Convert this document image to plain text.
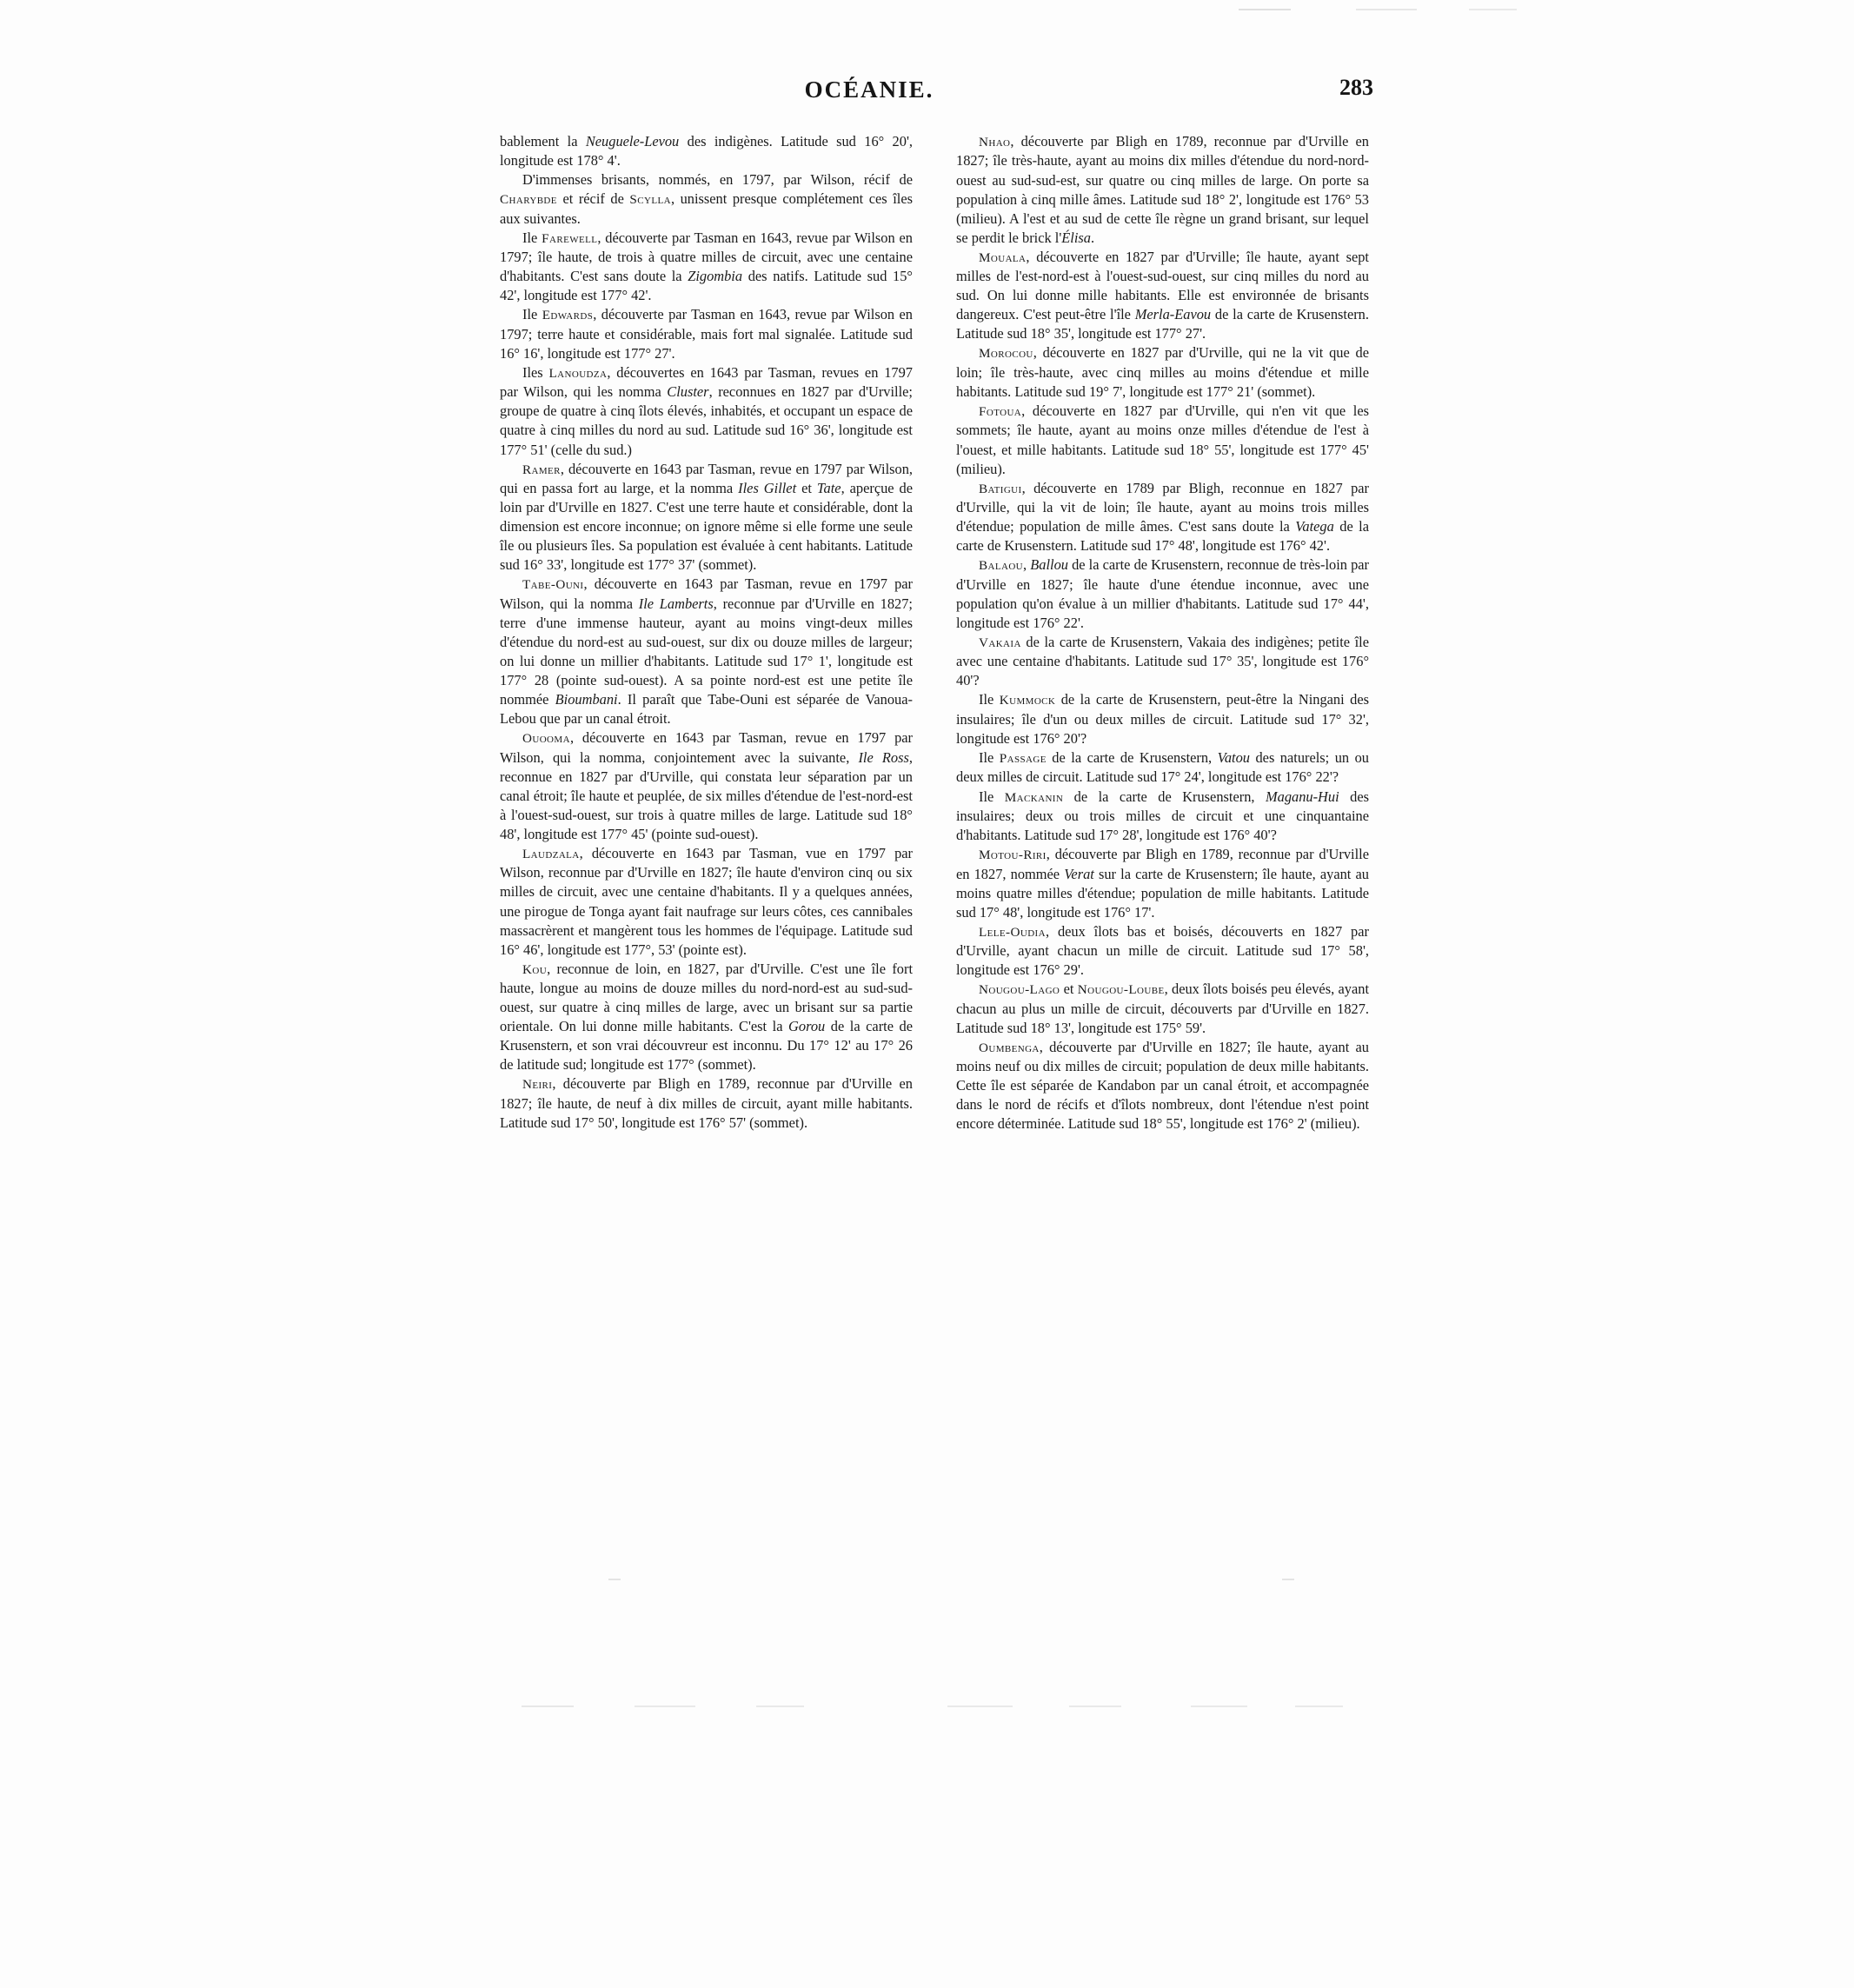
OCÉANIE.	283

bablement la Neuguele-Levou des indigènes. Latitude sud 16° 20', longitude est 178° 4'.

D'immenses brisants, nommés, en 1797, par Wilson, récif de Charybde et récif de Scylla, unissent presque complétement ces îles aux suivantes.

Ile Farewell, découverte par Tasman en 1643, revue par Wilson en 1797; île haute, de trois à quatre milles de circuit, avec une centaine d'habitants. C'est sans doute la Zigombia des natifs. Latitude sud 15° 42', longitude est 177° 42'.

Ile Edwards, découverte par Tasman en 1643, revue par Wilson en 1797; terre haute et considérable, mais fort mal signalée. Latitude sud 16° 16', longitude est 177° 27'.

Iles Lanoudza, découvertes en 1643 par Tasman, revues en 1797 par Wilson, qui les nomma Cluster, reconnues en 1827 par d'Urville; groupe de quatre à cinq îlots élevés, inhabités, et occupant un espace de quatre à cinq milles du nord au sud. Latitude sud 16° 36', longitude est 177° 51' (celle du sud.)

Ramer, découverte en 1643 par Tasman, revue en 1797 par Wilson, qui en passa fort au large, et la nomma Iles Gillet et Tate, aperçue de loin par d'Urville en 1827. C'est une terre haute et considérable, dont la dimension est encore inconnue; on ignore même si elle forme une seule île ou plusieurs îles. Sa population est évaluée à cent habitants. Latitude sud 16° 33', longitude est 177° 37' (sommet).

Tabe-Ouni, découverte en 1643 par Tasman, revue en 1797 par Wilson, qui la nomma Ile Lamberts, reconnue par d'Urville en 1827; terre d'une immense hauteur, ayant au moins vingt-deux milles d'étendue du nord-est au sud-ouest, sur dix ou douze milles de largeur; on lui donne un millier d'habitants. Latitude sud 17° 1', longitude est 177° 28 (pointe sud-ouest). A sa pointe nord-est est une petite île nommée Bioumbani. Il paraît que Tabe-Ouni est séparée de Vanoua-Lebou que par un canal étroit.

Ouooma, découverte en 1643 par Tasman, revue en 1797 par Wilson, qui la nomma, conjointement avec la suivante, Ile Ross, reconnue en 1827 par d'Urville, qui constata leur séparation par un canal étroit; île haute et peuplée, de six milles d'étendue de l'est-nord-est à l'ouest-sud-ouest, sur trois à quatre milles de large. Latitude sud 18° 48', longitude est 177° 45' (pointe sud-ouest).

Laudzala, découverte en 1643 par Tasman, vue en 1797 par Wilson, reconnue par d'Urville en 1827; île haute d'environ cinq ou six milles de circuit, avec une centaine d'habitants. Il y a quelques années, une pirogue de Tonga ayant fait naufrage sur leurs côtes, ces cannibales massacrèrent et mangèrent tous les hommes de l'équipage. Latitude sud 16° 46', longitude est 177°, 53' (pointe est).

Kou, reconnue de loin, en 1827, par d'Urville. C'est une île fort haute, longue au moins de douze milles du nord-nord-est au sud-sud-ouest, sur quatre à cinq milles de large, avec un brisant sur sa partie orientale. On lui donne mille habitants. C'est la Gorou de la carte de Krusenstern, et son vrai découvreur est inconnu. Du 17° 12' au 17° 26 de latitude sud; longitude est 177° (sommet).

Neiri, découverte par Bligh en 1789, reconnue par d'Urville en 1827; île haute, de neuf à dix milles de circuit, ayant mille habitants. Latitude sud 17° 50', longitude est 176° 57' (sommet).

Nhao, découverte par Bligh en 1789, reconnue par d'Urville en 1827; île très-haute, ayant au moins dix milles d'étendue du nord-nord-ouest au sud-sud-est, sur quatre ou cinq milles de large. On porte sa population à cinq mille âmes. Latitude sud 18° 2', longitude est 176° 53 (milieu). A l'est et au sud de cette île règne un grand brisant, sur lequel se perdit le brick l'Élisa.

Mouala, découverte en 1827 par d'Urville; île haute, ayant sept milles de l'est-nord-est à l'ouest-sud-ouest, sur cinq milles du nord au sud. On lui donne mille habitants. Elle est environnée de brisants dangereux. C'est peut-être l'île Merla-Eavou de la carte de Krusenstern. Latitude sud 18° 35', longitude est 177° 27'.

Morocou, découverte en 1827 par d'Urville, qui ne la vit que de loin; île très-haute, avec cinq milles au moins d'étendue et mille habitants. Latitude sud 19° 7', longitude est 177° 21' (sommet).

Fotoua, découverte en 1827 par d'Urville, qui n'en vit que les sommets; île haute, ayant au moins onze milles d'étendue de l'est à l'ouest, et mille habitants. Latitude sud 18° 55', longitude est 177° 45' (milieu).

Batigui, découverte en 1789 par Bligh, reconnue en 1827 par d'Urville, qui la vit de loin; île haute, ayant au moins trois milles d'étendue; population de mille âmes. C'est sans doute la Vatega de la carte de Krusenstern. Latitude sud 17° 48', longitude est 176° 42'.

Balaou, Ballou de la carte de Krusenstern, reconnue de très-loin par d'Urville en 1827; île haute d'une étendue inconnue, avec une population qu'on évalue à un millier d'habitants. Latitude sud 17° 44', longitude est 176° 22'.

Vakaia de la carte de Krusenstern, Vakaia des indigènes; petite île avec une centaine d'habitants. Latitude sud 17° 35', longitude est 176° 40'?

Ile Kummock de la carte de Krusenstern, peut-être la Ningani des insulaires; île d'un ou deux milles de circuit. Latitude sud 17° 32', longitude est 176° 20'?

Ile Passage de la carte de Krusenstern, Vatou des naturels; un ou deux milles de circuit. Latitude sud 17° 24', longitude est 176° 22'?

Ile Mackanin de la carte de Krusenstern, Maganu-Hui des insulaires; deux ou trois milles de circuit et une cinquantaine d'habitants. Latitude sud 17° 28', longitude est 176° 40'?

Motou-Riri, découverte par Bligh en 1789, reconnue par d'Urville en 1827, nommée Verat sur la carte de Krusenstern; île haute, ayant au moins quatre milles d'étendue; population de mille habitants. Latitude sud 17° 48', longitude est 176° 17'.

Lele-Oudia, deux îlots bas et boisés, découverts en 1827 par d'Urville, ayant chacun un mille de circuit. Latitude sud 17° 58', longitude est 176° 29'.

Nougou-Lago et Nougou-Loube, deux îlots boisés peu élevés, ayant chacun au plus un mille de circuit, découverts par d'Urville en 1827. Latitude sud 18° 13', longitude est 175° 59'.

Oumbenga, découverte par d'Urville en 1827; île haute, ayant au moins neuf ou dix milles de circuit; population de deux mille habitants. Cette île est séparée de Kandabon par un canal étroit, et accompagnée dans le nord de récifs et d'îlots nombreux, dont l'étendue n'est point encore déterminée. Latitude sud 18° 55', longitude est 176° 2' (milieu).
